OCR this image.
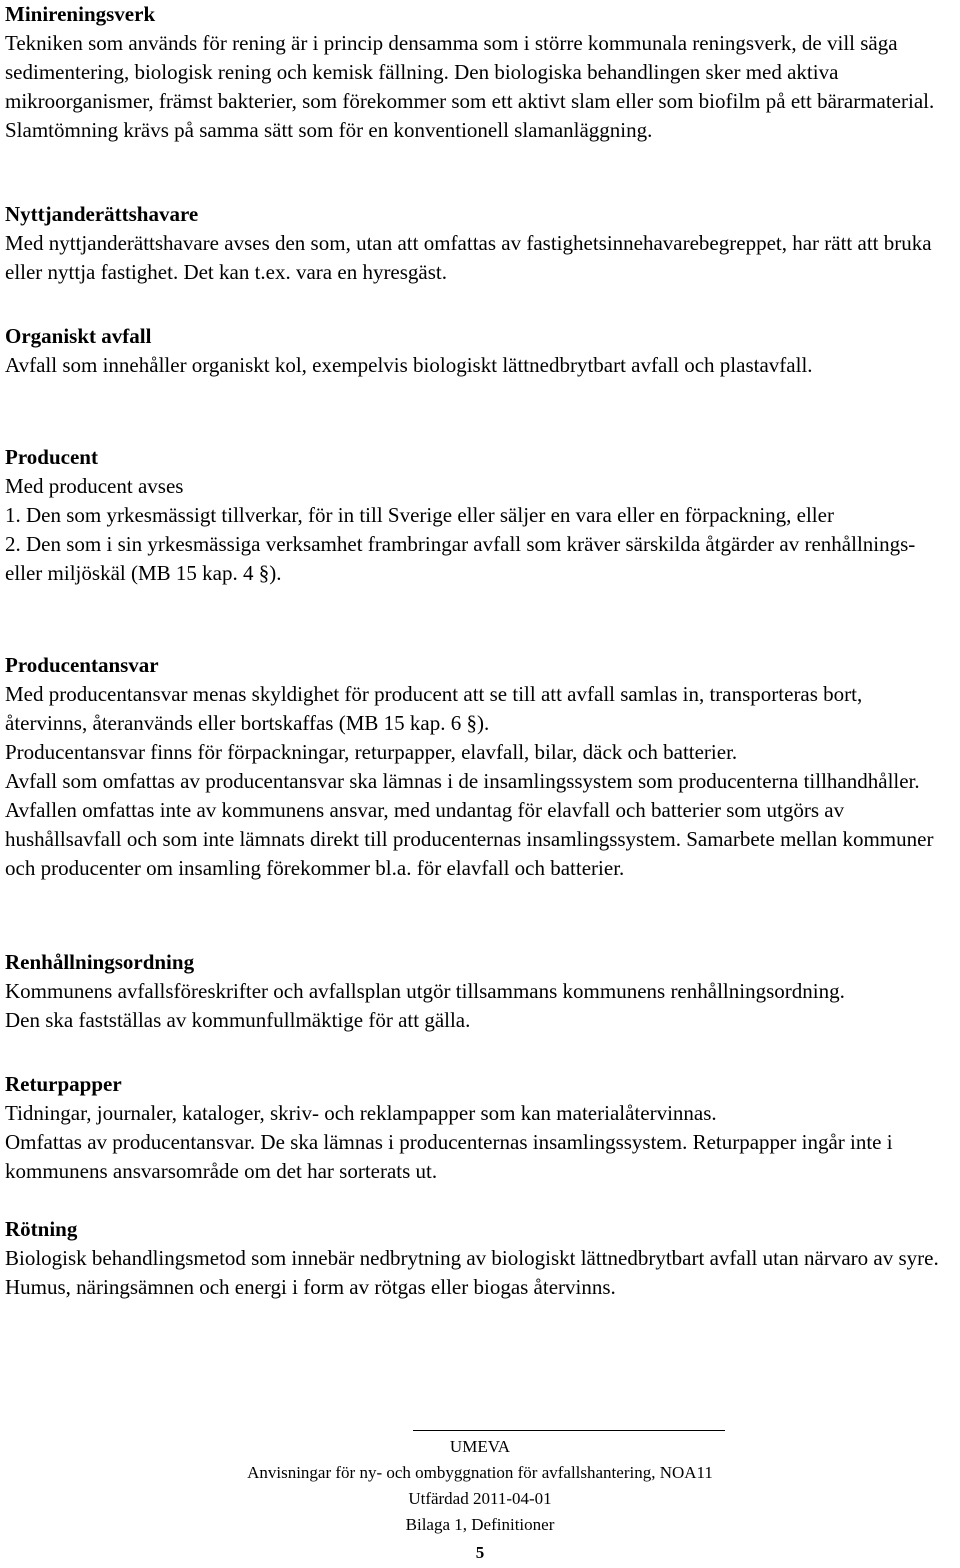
Minireningsverk

Tekniken som används för rening är i princip densamma som i större kommunala reningsverk, de vill säga sedimentering, biologisk rening och kemisk fällning. Den biologiska behandlingen sker med aktiva mikroorganismer, främst bakterier, som förekommer som ett aktivt slam eller som biofilm på ett bärarmaterial. Slamtömning krävs på samma sätt som för en konventionell slamanläggning.

Nyttjanderättshavare

Med nyttjanderättshavare avses den som, utan att omfattas av fastighetsinnehavarebegreppet, har rätt att bruka eller nyttja fastighet. Det kan t.ex. vara en hyresgäst.

Organiskt avfall

Avfall som innehåller organiskt kol, exempelvis biologiskt lättnedbrytbart avfall och plastavfall.

Producent

Med producent avses

1. Den som yrkesmässigt tillverkar, för in till Sverige eller säljer en vara eller en förpackning, eller

2. Den som i sin yrkesmässiga verksamhet frambringar avfall som kräver särskilda åtgärder av renhållnings- eller miljöskäl (MB 15 kap. 4 §).

Producentansvar

Med producentansvar menas skyldighet för producent att se till att avfall samlas in, transporteras bort, återvinns, återanvänds eller bortskaffas (MB 15 kap. 6 §).

Producentansvar finns för förpackningar, returpapper, elavfall, bilar, däck och batterier.

Avfall som omfattas av producentansvar ska lämnas i de insamlingssystem som producenterna tillhandhåller. Avfallen omfattas inte av kommunens ansvar, med undantag för elavfall och batterier som utgörs av hushållsavfall och som inte lämnats direkt till producenternas insamlingssystem. Samarbete mellan kommuner och producenter om insamling förekommer bl.a. för elavfall och batterier.

Renhållningsordning

Kommunens avfallsföreskrifter och avfallsplan utgör tillsammans kommunens renhållningsordning. Den ska fastställas av kommunfullmäktige för att gälla.

Returpapper

Tidningar, journaler, kataloger, skriv- och reklampapper som kan materialåtervinnas.

Omfattas av producentansvar. De ska lämnas i producenternas insamlingssystem. Returpapper ingår inte i kommunens ansvarsområde om det har sorterats ut.

Rötning

Biologisk behandlingsmetod som innebär nedbrytning av biologiskt lättnedbrytbart avfall utan närvaro av syre. Humus, näringsämnen och energi i form av rötgas eller biogas återvinns.

UMEVA
Anvisningar för ny- och ombyggnation för avfallshantering, NOA11
Utfärdad 2011-04-01
Bilaga 1, Definitioner
5
